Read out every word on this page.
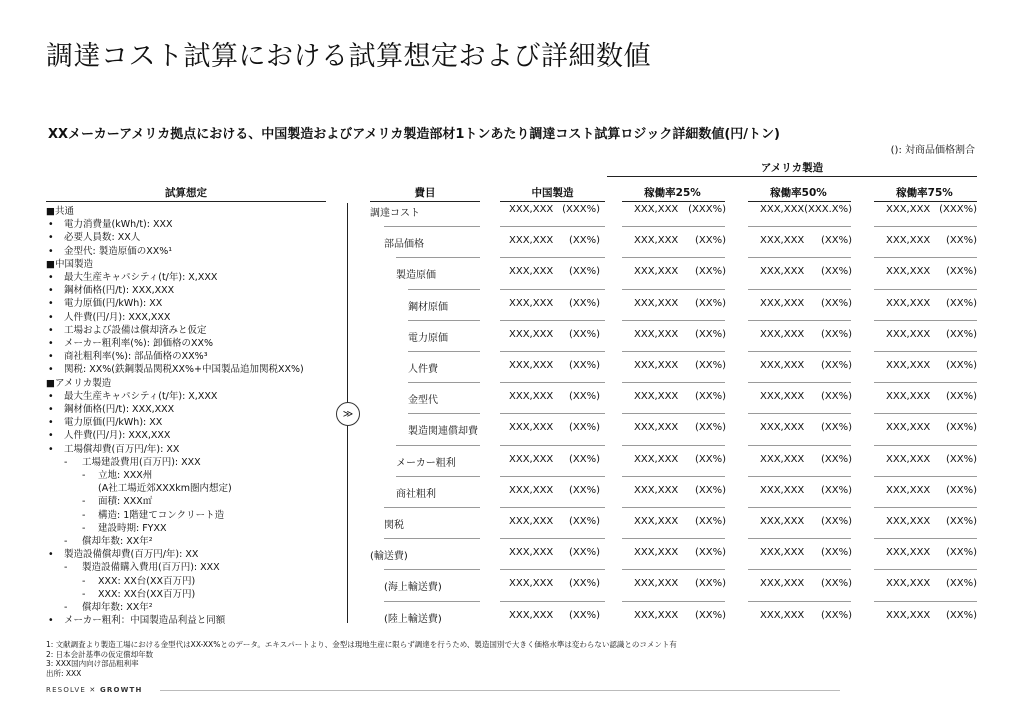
調達コスト試算における試算想定および詳細数値
XXメーカーアメリカ拠点における、中国製造およびアメリカ製造部材1トンあたり調達コスト試算ロジック詳細数値(円/トン)
(): 対商品価格割合
アメリカ製造
試算想定
■共通
• 電力消費量(kWh/t): XXX
• 必要人員数: XX人
• 金型代: 製造原価のXX%¹
■中国製造
• 最大生産キャパシティ(t/年): X,XXX
• 鋼材価格(円/t): XXX,XXX
• 電力原価(円/kWh): XX
• 人件費(円/月): XXX,XXX
• 工場および設備は償却済みと仮定
• メーカー粗利率(%): 卸価格のXX%
• 商社粗利率(%): 部品価格のXX%³
• 関税: XX%(鉄鋼製品関税XX%+中国製品追加関税XX%)
■アメリカ製造
• 最大生産キャパシティ(t/年): X,XXX
• 鋼材価格(円/t): XXX,XXX
• 電力原価(円/kWh): XX
• 人件費(円/月): XXX,XXX
• 工場償却費(百万円/年): XX
- 工場建設費用(百万円): XXX
- 立地: XXX州
(A社工場近郊XXXkm圏内想定)
- 面積: XXX㎡
- 構造: 1階建てコンクリート造
- 建設時期: FYXX
- 償却年数: XX年²
• 製造設備償却費(百万円/年): XX
- 製造設備購入費用(百万円): XXX
- XXX: XX台(XX百万円)
- XXX: XX台(XX百万円)
- 償却年数: XX年²
• メーカー粗利：中国製造品利益と同額
≫
費目	中国製造	稼働率25%	稼働率50%	稼働率75%
調達コスト	XXX,XXX (XXX%)	XXX,XXX (XXX%)	XXX,XXX (XXX.X%)	XXX,XXX (XXX%)
部品価格	XXX,XXX (XX%)	XXX,XXX (XX%)	XXX,XXX (XX%)	XXX,XXX (XX%)
製造原価	XXX,XXX (XX%)	XXX,XXX (XX%)	XXX,XXX (XX%)	XXX,XXX (XX%)
鋼材原価	XXX,XXX (XX%)	XXX,XXX (XX%)	XXX,XXX (XX%)	XXX,XXX (XX%)
電力原価	XXX,XXX (XX%)	XXX,XXX (XX%)	XXX,XXX (XX%)	XXX,XXX (XX%)
人件費	XXX,XXX (XX%)	XXX,XXX (XX%)	XXX,XXX (XX%)	XXX,XXX (XX%)
金型代	XXX,XXX (XX%)	XXX,XXX (XX%)	XXX,XXX (XX%)	XXX,XXX (XX%)
製造関連償却費	XXX,XXX (XX%)	XXX,XXX (XX%)	XXX,XXX (XX%)	XXX,XXX (XX%)
メーカー粗利	XXX,XXX (XX%)	XXX,XXX (XX%)	XXX,XXX (XX%)	XXX,XXX (XX%)
商社粗利	XXX,XXX (XX%)	XXX,XXX (XX%)	XXX,XXX (XX%)	XXX,XXX (XX%)
関税	XXX,XXX (XX%)	XXX,XXX (XX%)	XXX,XXX (XX%)	XXX,XXX (XX%)
(輸送費)	XXX,XXX (XX%)	XXX,XXX (XX%)	XXX,XXX (XX%)	XXX,XXX (XX%)
(海上輸送費)	XXX,XXX (XX%)	XXX,XXX (XX%)	XXX,XXX (XX%)	XXX,XXX (XX%)
(陸上輸送費)	XXX,XXX (XX%)	XXX,XXX (XX%)	XXX,XXX (XX%)	XXX,XXX (XX%)
1: 文献調査より製造工場における金型代はXX-XX%とのデータ。エキスパートより、金型は現地生産に限らず調達を行うため、製造国別で大きく価格水準は変わらない認識とのコメント有
2: 日本会計基準の仮定償却年数
3: XXX国内向け部品粗利率
出所: XXX
RESOLVE ✕ GROWTH
